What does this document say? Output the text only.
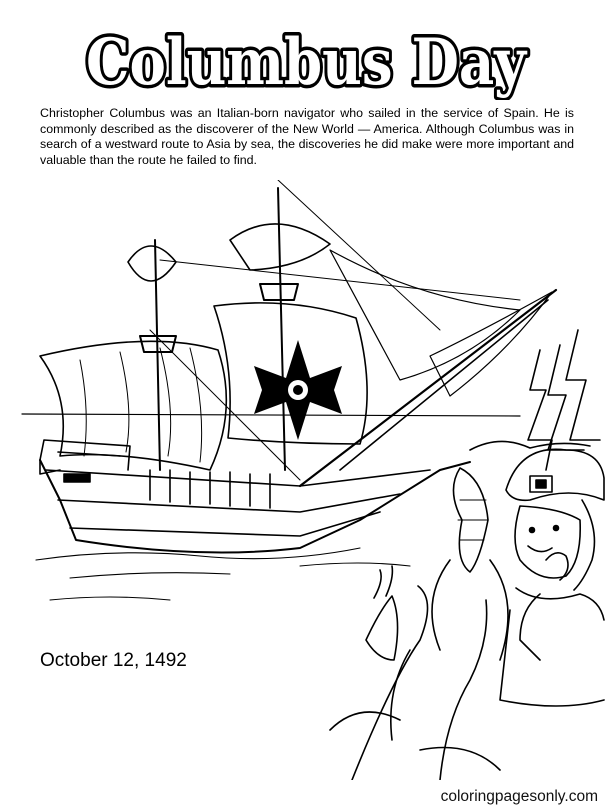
Columbus Day

Christopher Columbus was an Italian-born navigator who sailed in the service of Spain. He is commonly described as the discoverer of the New World — America. Although Columbus was in search of a westward route to Asia by sea, the discoveries he did make were more important and valuable than the route he failed to find.

October 12, 1492
coloringpagesonly.com
